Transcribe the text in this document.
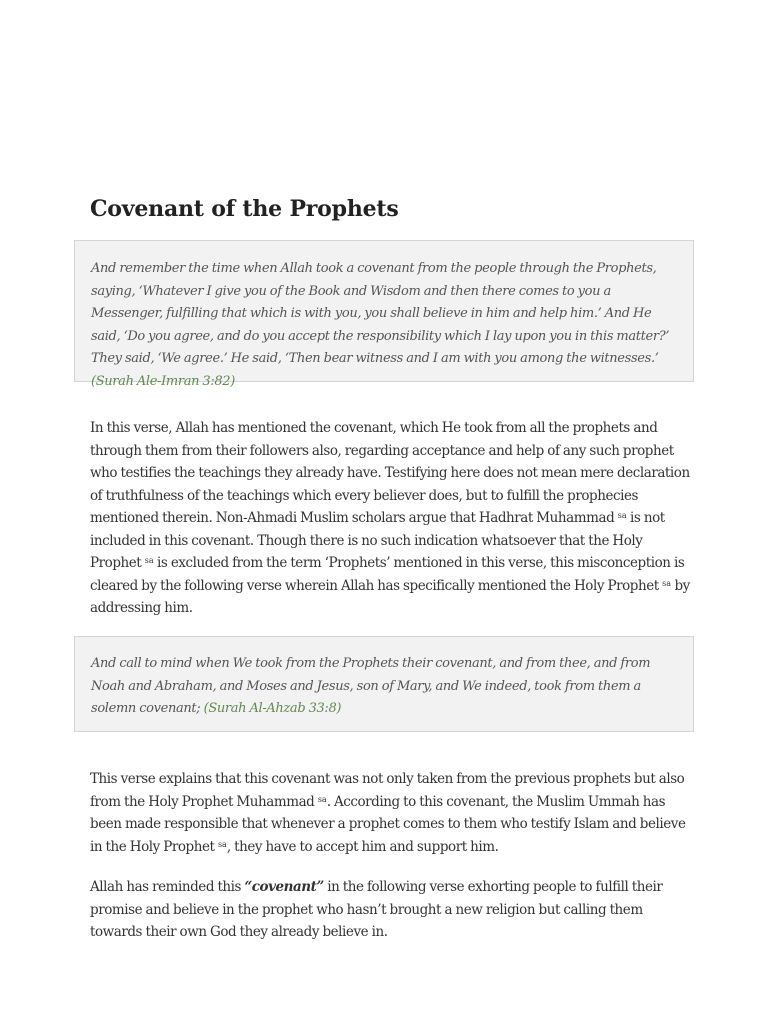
Covenant of the Prophets

And remember the time when Allah took a covenant from the people through the Prophets, saying, ‘Whatever I give you of the Book and Wisdom and then there comes to you a Messenger, fulfilling that which is with you, you shall believe in him and help him.’ And He said, ‘Do you agree, and do you accept the responsibility which I lay upon you in this matter?’ They said, ‘We agree.’ He said, ‘Then bear witness and I am with you among the witnesses.’ (Surah Ale-Imran 3:82)

In this verse, Allah has mentioned the covenant, which He took from all the prophets and through them from their followers also, regarding acceptance and help of any such prophet who testifies the teachings they already have. Testifying here does not mean mere declaration of truthfulness of the teachings which every believer does, but to fulfill the prophecies mentioned therein. Non-Ahmadi Muslim scholars argue that Hadhrat Muhammad $^{sa}$ is not included in this covenant. Though there is no such indication whatsoever that the Holy Prophet $^{sa}$ is excluded from the term ‘Prophets’ mentioned in this verse, this misconception is cleared by the following verse wherein Allah has specifically mentioned the Holy Prophet $^{sa}$ by addressing him.

And call to mind when We took from the Prophets their covenant, and from thee, and from Noah and Abraham, and Moses and Jesus, son of Mary, and We indeed, took from them a solemn covenant; (Surah Al-Ahzab 33:8)

This verse explains that this covenant was not only taken from the previous prophets but also from the Holy Prophet Muhammad $^{sa}$. According to this covenant, the Muslim Ummah has been made responsible that whenever a prophet comes to them who testify Islam and believe in the Holy Prophet $^{sa}$, they have to accept him and support him.

Allah has reminded this “covenant” in the following verse exhorting people to fulfill their promise and believe in the prophet who hasn’t brought a new religion but calling them towards their own God they already believe in.
